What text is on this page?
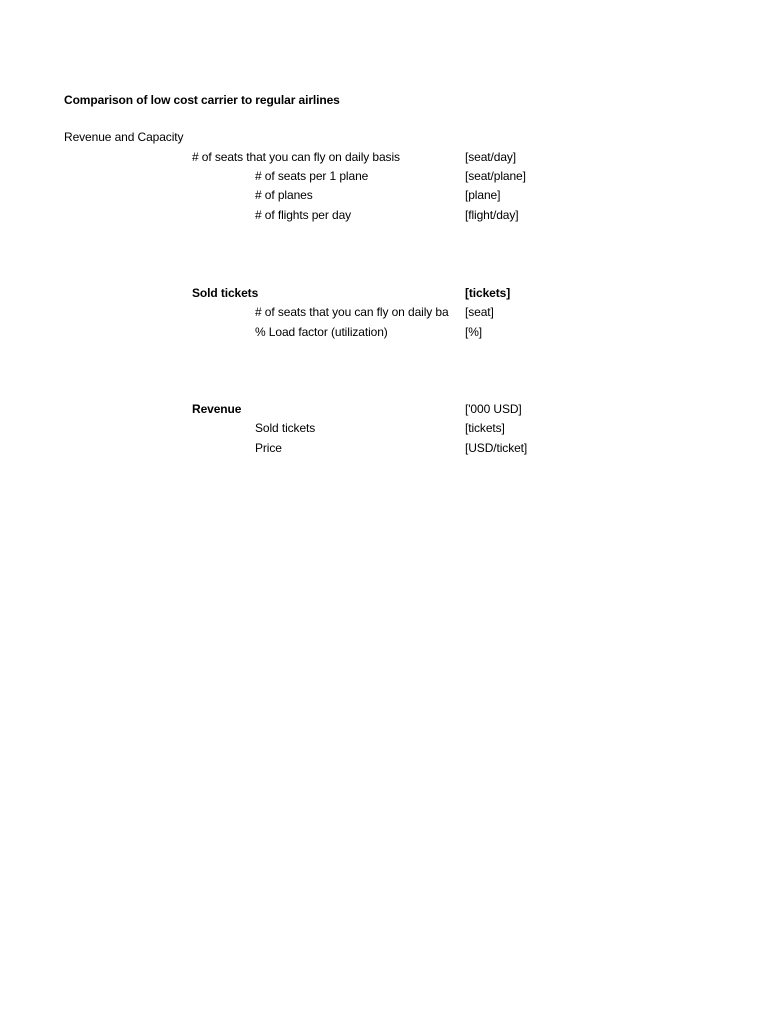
Comparison of low cost carrier to regular airlines
Revenue and Capacity
# of seats that you can fly on daily basis	[seat/day]
# of seats per 1 plane	[seat/plane]
# of planes	[plane]
# of flights per day	[flight/day]
Sold tickets	[tickets]
# of seats that you can fly on daily ba	[seat]
% Load factor (utilization)	[%]
Revenue	['000 USD]
Sold tickets	[tickets]
Price	[USD/ticket]
